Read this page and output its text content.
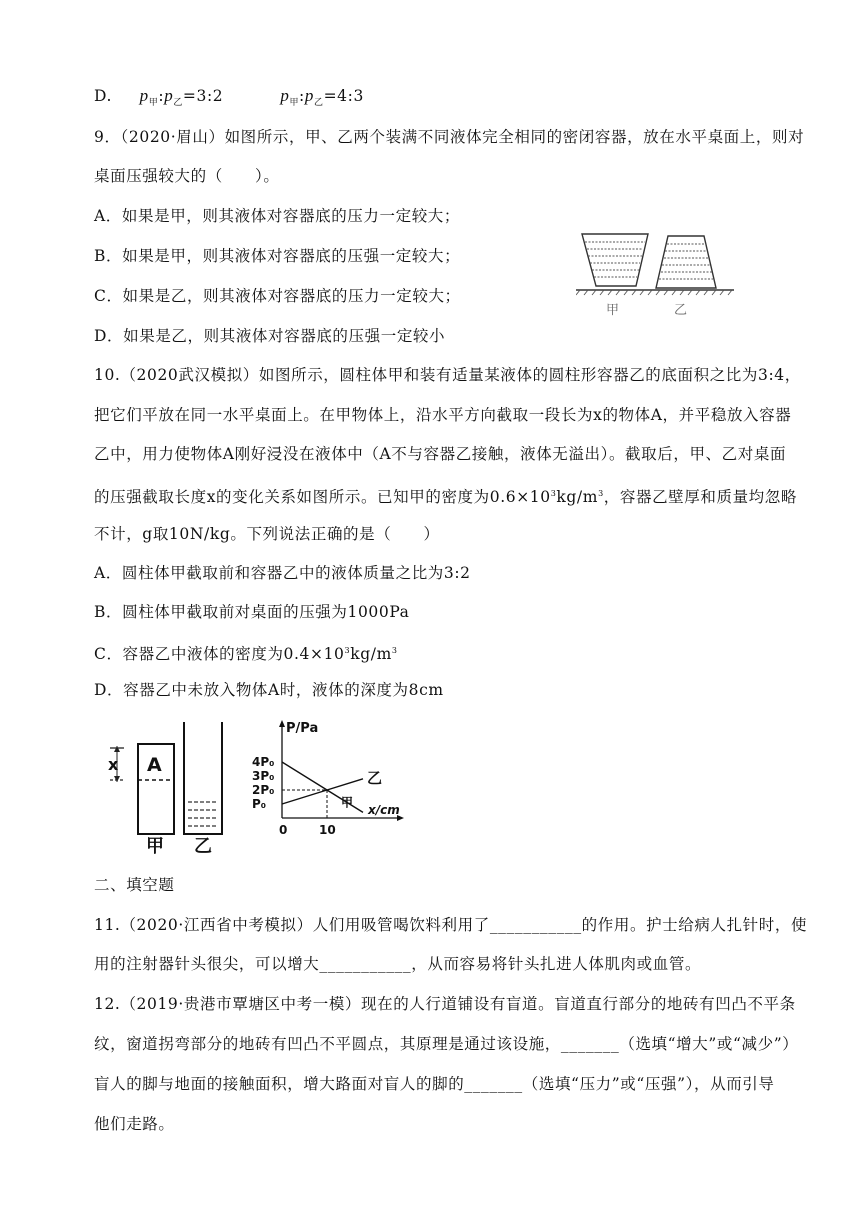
D. $p_甲:p_乙=3:2$	$p_甲:p_乙=4:3$
9．（2020·眉山）如图所示，甲、乙两个装满不同液体完全相同的密闭容器，放在水平桌面上，则对
桌面压强较大的（　　）。
A．如果是甲，则其液体对容器底的压力一定较大；
B．如果是甲，则其液体对容器底的压强一定较大；
C．如果是乙，则其液体对容器底的压力一定较大；
D．如果是乙，则其液体对容器底的压强一定较小
甲	乙
10.（2020武汉模拟）如图所示，圆柱体甲和装有适量某液体的圆柱形容器乙的底面积之比为3:4，
把它们平放在同一水平桌面上。在甲物体上，沿水平方向截取一段长为x的物体A，并平稳放入容器
乙中，用力使物体A刚好浸没在液体中（A不与容器乙接触，液体无溢出）。截取后，甲、乙对桌面
的压强截取长度x的变化关系如图所示。已知甲的密度为$0.6\times 10^3kg/m^3$，容器乙壁厚和质量均忽略
不计，g取10N/kg。下列说法正确的是（　　）
A．圆柱体甲截取前和容器乙中的液体质量之比为3:2
B．圆柱体甲截取前对桌面的压强为1000Pa
C．容器乙中液体的密度为$0.4\times 10^3kg/m^3$
D．容器乙中未放入物体A时，液体的深度为8cm
x A
甲 乙
P/Pa
x/cm
4P₀
3P₀
2P₀
P₀
0	10
甲
乙
二、填空题
11.（2020·江西省中考模拟）人们用吸管喝饮料利用了___________的作用。护士给病人扎针时，使
用的注射器针头很尖，可以增大___________，从而容易将针头扎进人体肌肉或血管。
12.（2019·贵港市覃塘区中考一模）现在的人行道铺设有盲道。盲道直行部分的地砖有凹凸不平条
纹，窗道拐弯部分的地砖有凹凸不平圆点，其原理是通过该设施，_______（选填“增大”或“减少”）
盲人的脚与地面的接触面积，增大路面对盲人的脚的_______（选填“压力”或“压强”），从而引导
他们走路。
